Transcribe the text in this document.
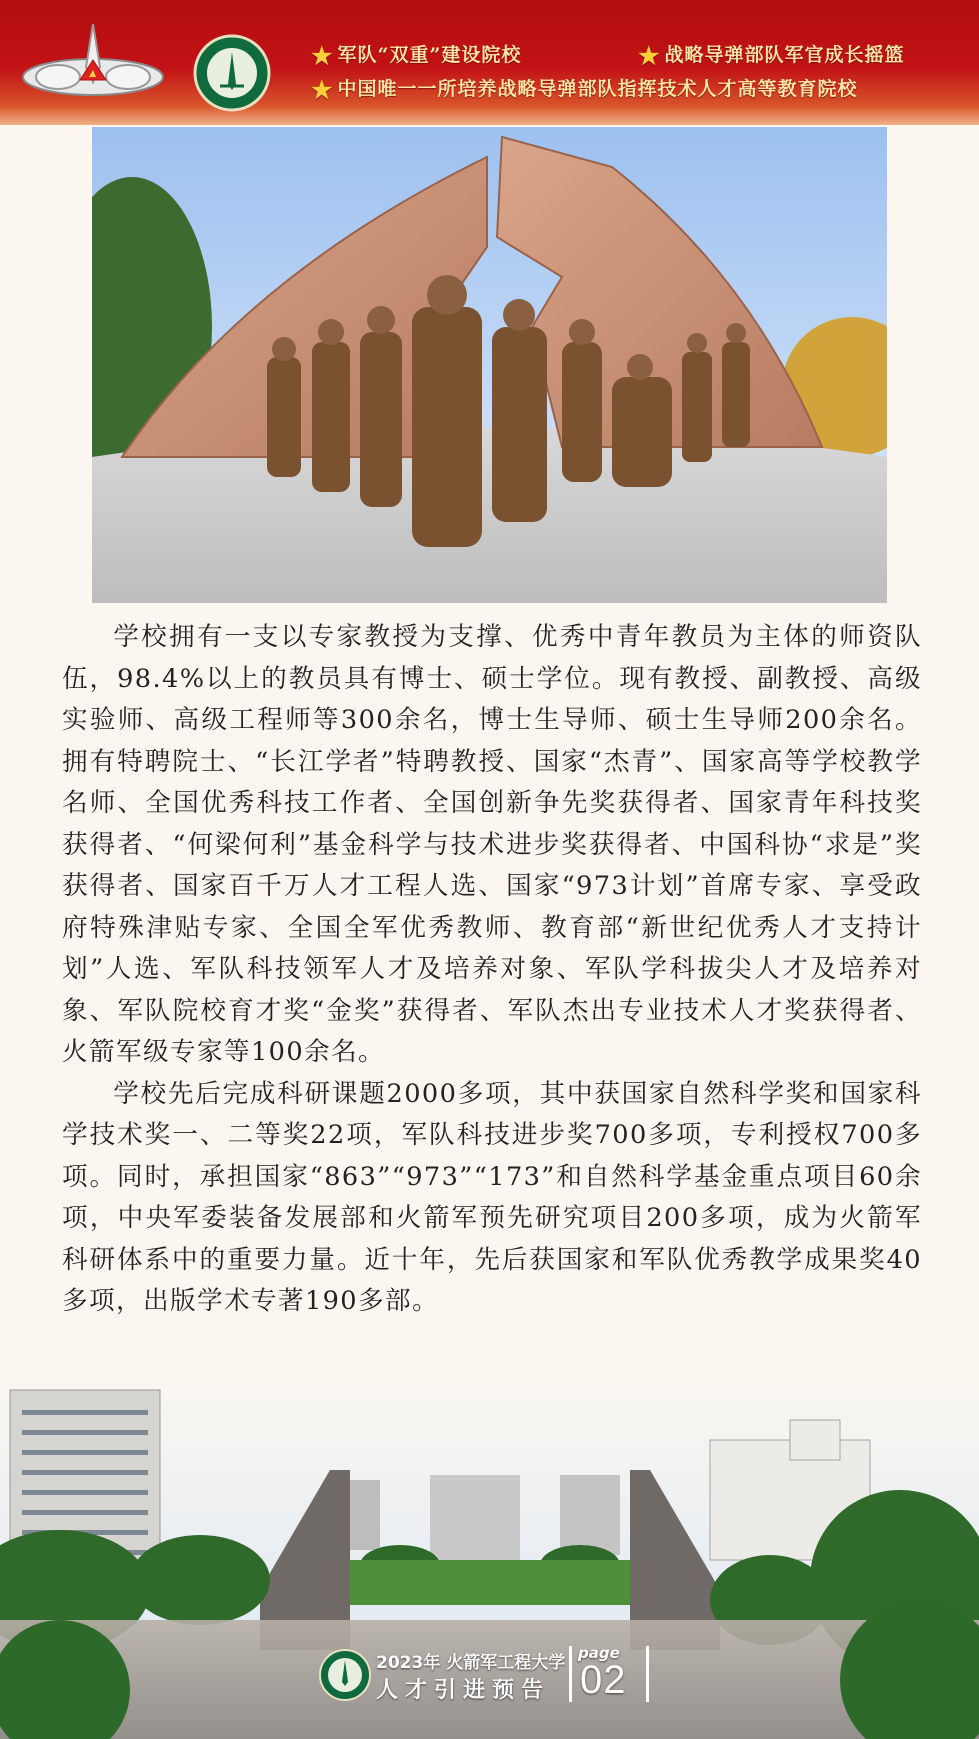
★ 军队“双重”建设院校	★ 战略导弹部队军官成长摇篮
★ 中国唯一一所培养战略导弹部队指挥技术人才高等教育院校

学校拥有一支以专家教授为支撑、优秀中青年教员为主体的师资队伍，98.4%以上的教员具有博士、硕士学位。现有教授、副教授、高级实验师、高级工程师等300余名，博士生导师、硕士生导师200余名。拥有特聘院士、“长江学者”特聘教授、国家“杰青”、国家高等学校教学名师、全国优秀科技工作者、全国创新争先奖获得者、国家青年科技奖获得者、“何梁何利”基金科学与技术进步奖获得者、中国科协“求是”奖获得者、国家百千万人才工程人选、国家“973计划”首席专家、享受政府特殊津贴专家、全国全军优秀教师、教育部“新世纪优秀人才支持计划”人选、军队科技领军人才及培养对象、军队学科拔尖人才及培养对象、军队院校育才奖“金奖”获得者、军队杰出专业技术人才奖获得者、火箭军级专家等100余名。

学校先后完成科研课题2000多项，其中获国家自然科学奖和国家科学技术奖一、二等奖22项，军队科技进步奖700多项，专利授权700多项。同时，承担国家“863”“973”“173”和自然科学基金重点项目60余项，中央军委装备发展部和火箭军预先研究项目200多项，成为火箭军科研体系中的重要力量。近十年，先后获国家和军队优秀教学成果奖40多项，出版学术专著190多部。

2023年 火箭军工程大学
人才引进预告
page
02
